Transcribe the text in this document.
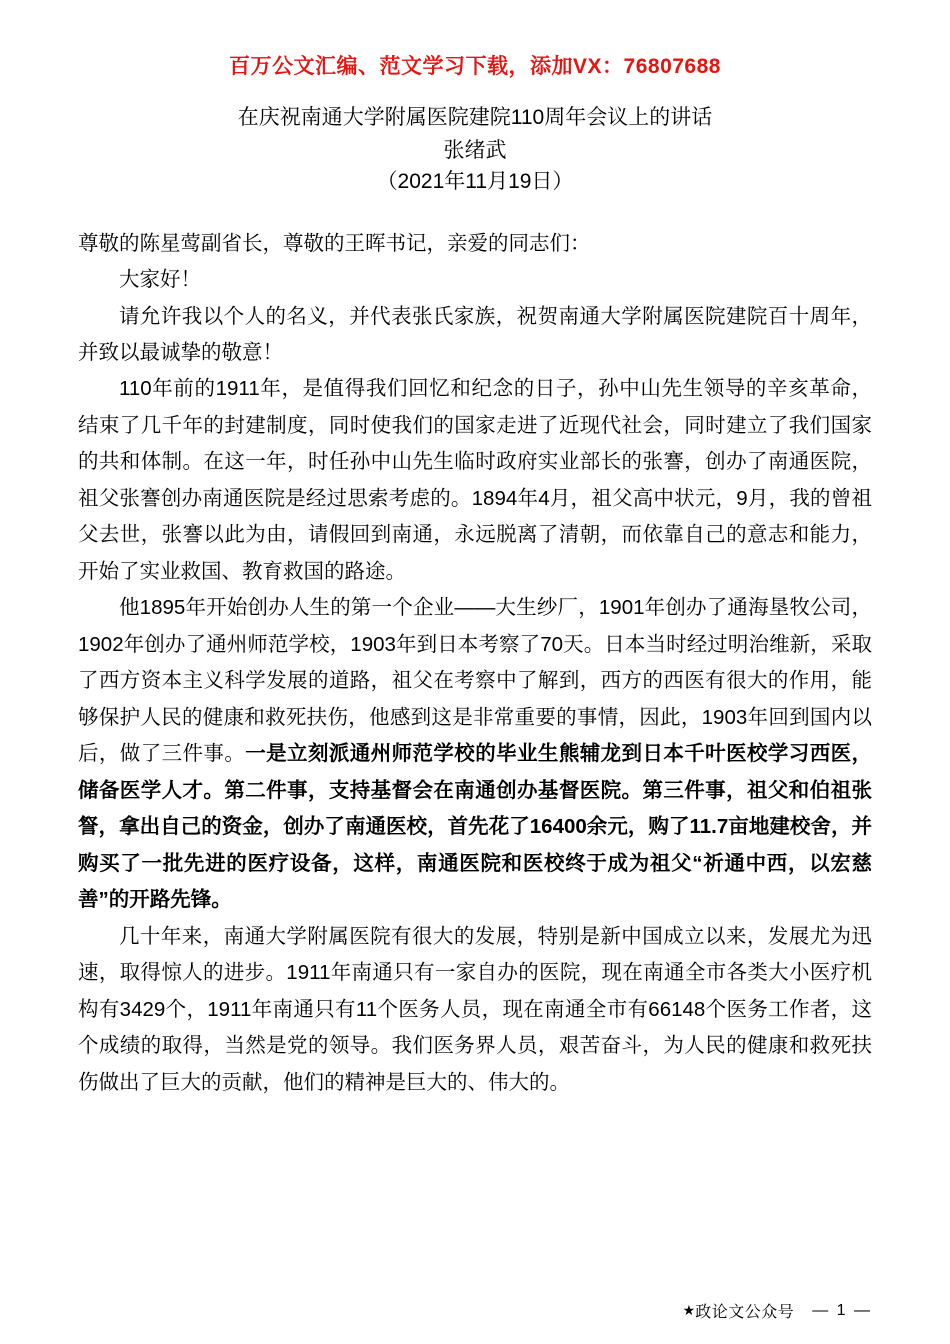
百万公文汇编、范文学习下载，添加VX：76807688
在庆祝南通大学附属医院建院110周年会议上的讲话
张绪武
（2021年11月19日）

尊敬的陈星莺副省长，尊敬的王晖书记，亲爱的同志们：

大家好！

请允许我以个人的名义，并代表张氏家族，祝贺南通大学附属医院建院百十周年，并致以最诚挚的敬意！

110年前的1911年，是值得我们回忆和纪念的日子，孙中山先生领导的辛亥革命，结束了几千年的封建制度，同时使我们的国家走进了近现代社会，同时建立了我们国家的共和体制。在这一年，时任孙中山先生临时政府实业部长的张謇，创办了南通医院，祖父张謇创办南通医院是经过思索考虑的。1894年4月，祖父高中状元，9月，我的曾祖父去世，张謇以此为由，请假回到南通，永远脱离了清朝，而依靠自己的意志和能力，开始了实业救国、教育救国的路途。

他1895年开始创办人生的第一个企业——大生纱厂，1901年创办了通海垦牧公司，1902年创办了通州师范学校，1903年到日本考察了70天。日本当时经过明治维新，采取了西方资本主义科学发展的道路，祖父在考察中了解到，西方的西医有很大的作用，能够保护人民的健康和救死扶伤，他感到这是非常重要的事情，因此，1903年回到国内以后，做了三件事。一是立刻派通州师范学校的毕业生熊辅龙到日本千叶医校学习西医，储备医学人才。第二件事，支持基督会在南通创办基督医院。第三件事，祖父和伯祖张詧，拿出自己的资金，创办了南通医校，首先花了16400余元，购了11.7亩地建校舍，并购买了一批先进的医疗设备，这样，南通医院和医校终于成为祖父“祈通中西，以宏慈善”的开路先锋。

几十年来，南通大学附属医院有很大的发展，特别是新中国成立以来，发展尤为迅速，取得惊人的进步。1911年南通只有一家自办的医院，现在南通全市各类大小医疗机构有3429个，1911年南通只有11个医务人员，现在南通全市有66148个医务工作者，这个成绩的取得，当然是党的领导。我们医务界人员，艰苦奋斗，为人民的健康和救死扶伤做出了巨大的贡献，他们的精神是巨大的、伟大的。

★ 政论文公众号 — 1 —
